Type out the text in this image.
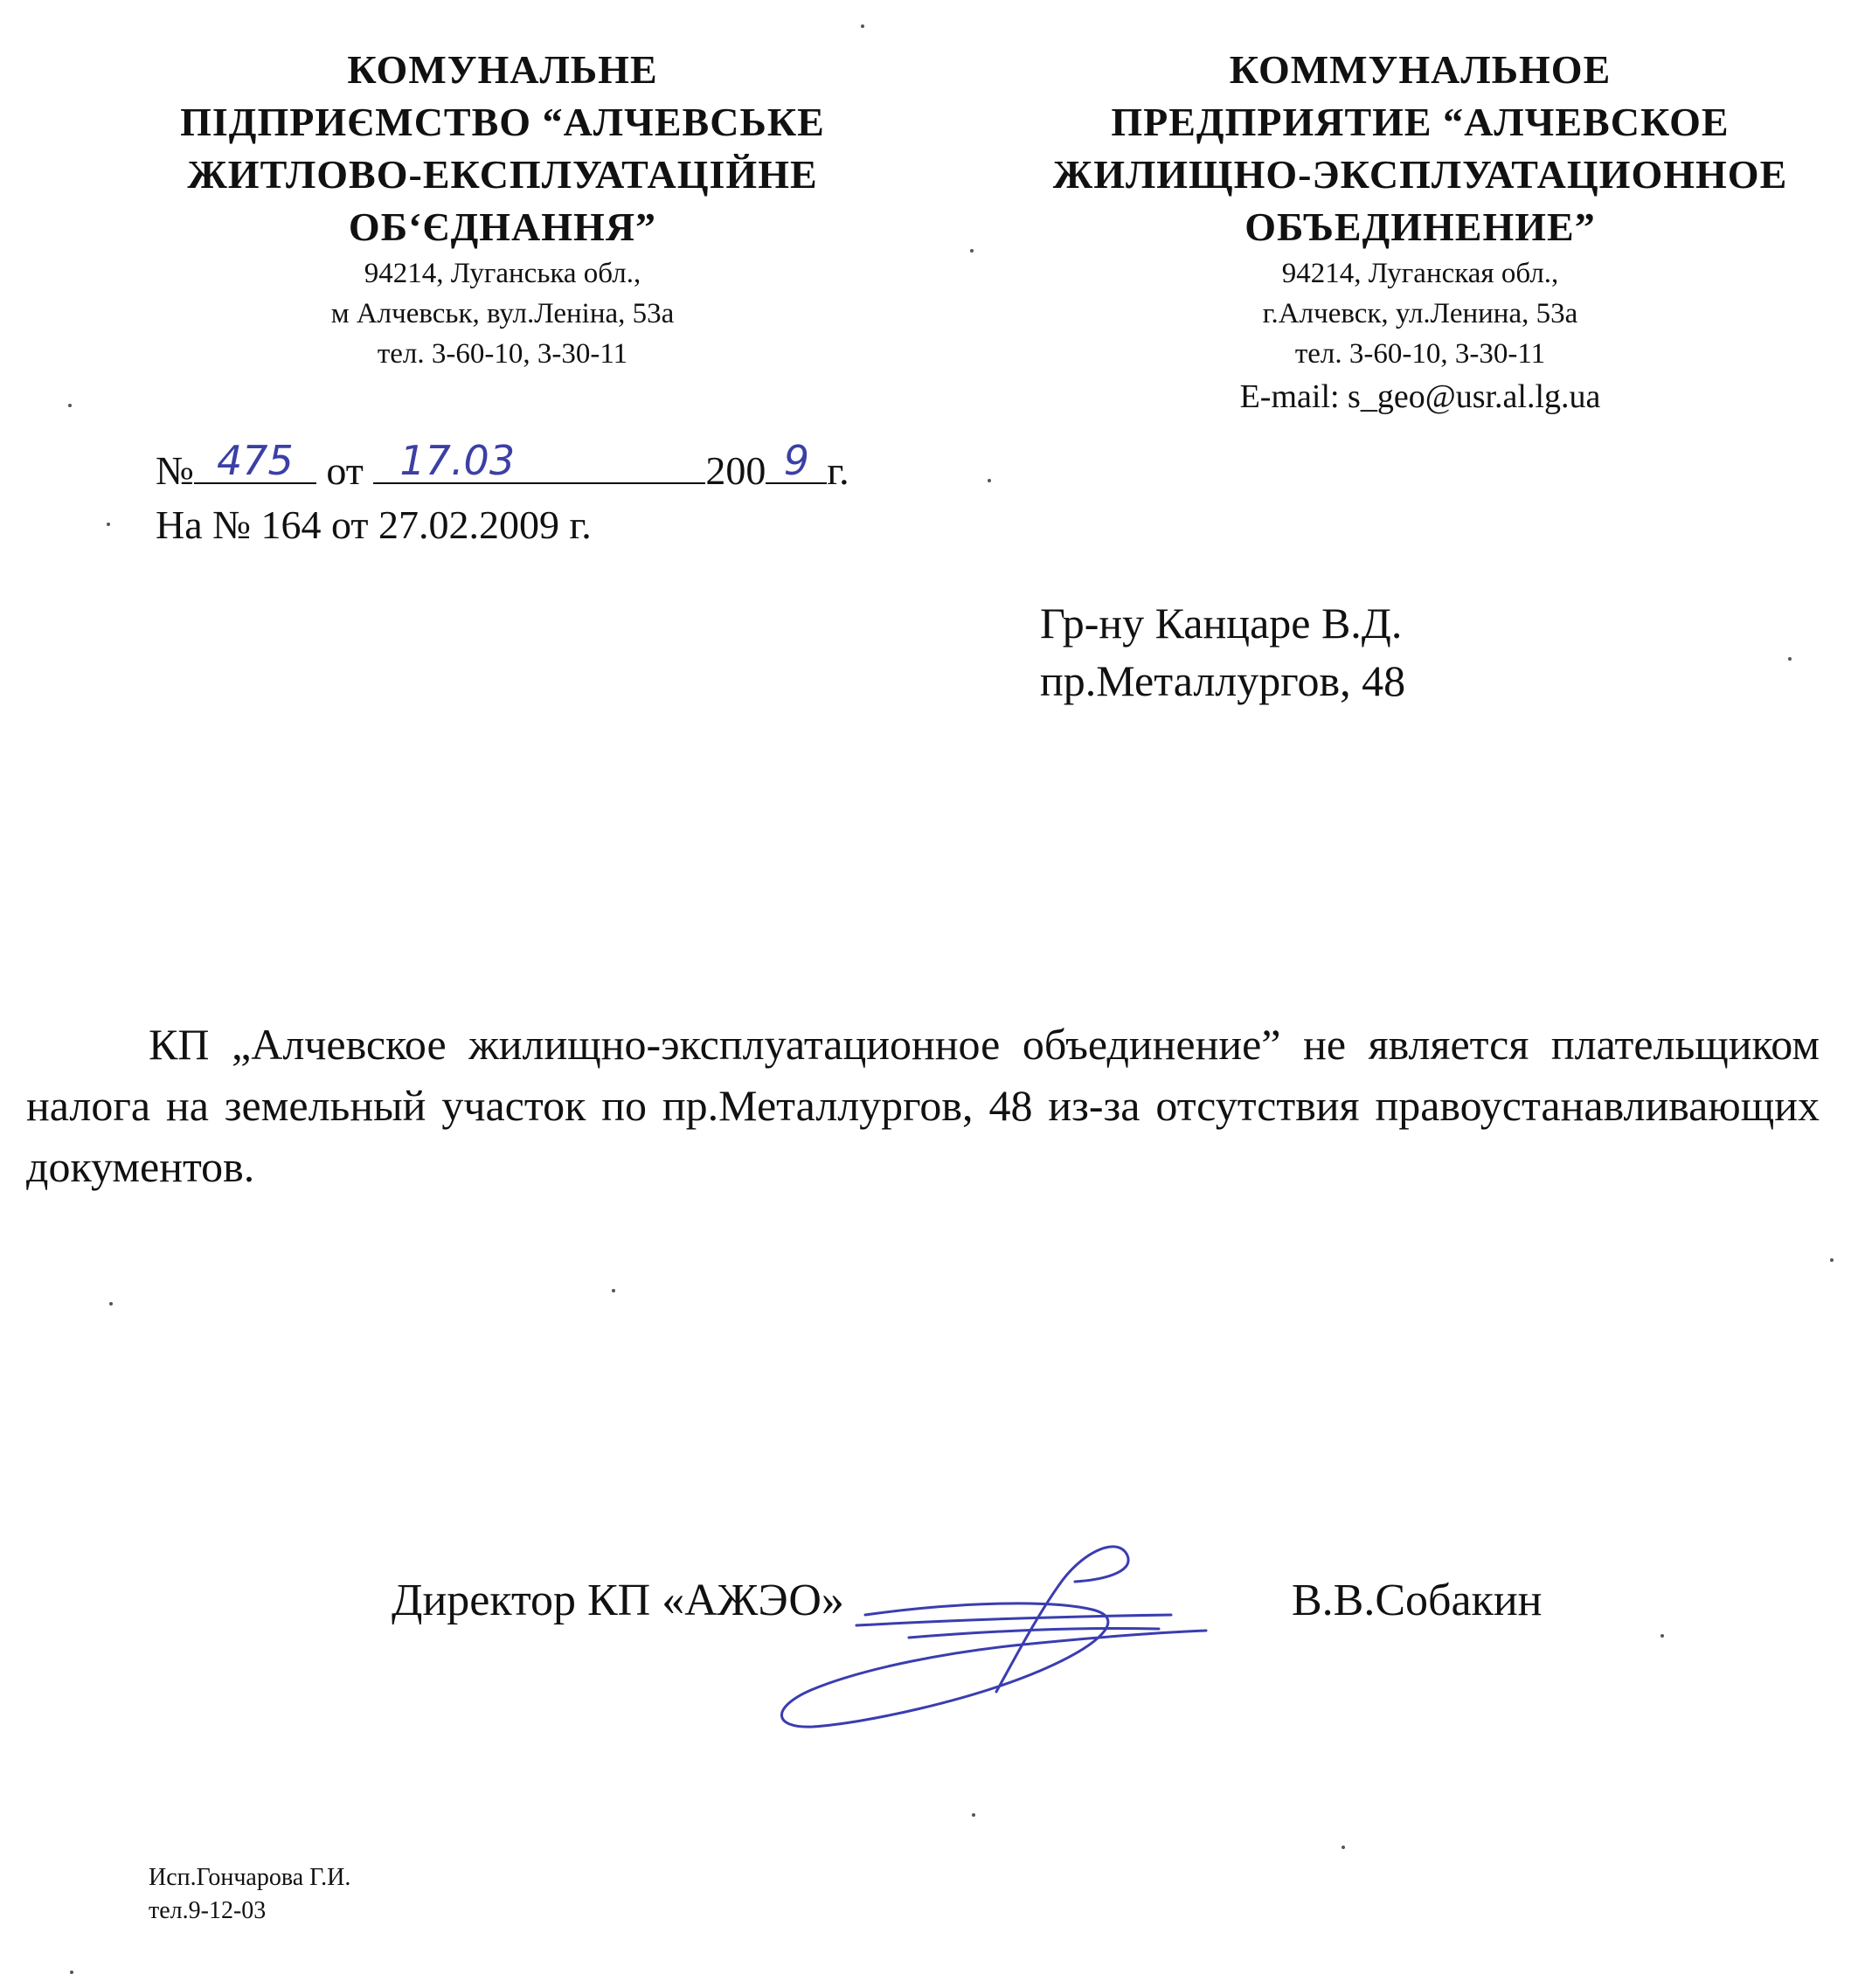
КОМУНАЛЬНЕ
ПІДПРИЄМСТВО “АЛЧЕВСЬКЕ
ЖИТЛОВО-ЕКСПЛУАТАЦІЙНЕ
ОБ‘ЄДНАННЯ”
94214, Луганська обл.,
м Алчевськ, вул.Леніна, 53а
тел. 3-60-10, 3-30-11
КОММУНАЛЬНОЕ
ПРЕДПРИЯТИЕ “АЛЧЕВСКОЕ
ЖИЛИЩНО-ЭКСПЛУАТАЦИОННОЕ
ОБЪЕДИНЕНИЕ”
94214, Луганская обл.,
г.Алчевск, ул.Ленина, 53а
тел. 3-60-10, 3-30-11
E-mail: s_geo@usr.al.lg.ua
№ 475 от 17.03	200 9 г.
На № 164 от 27.02.2009 г.
Гр-ну Канцаре В.Д.
пр.Металлургов, 48
КП „Алчевское жилищно-эксплуатационное объединение” не является плательщиком налога на земельный участок по пр.Металлургов, 48 из-за отсутствия правоустанавливающих документов.
Директор КП «АЖЭО»	В.В.Собакин
Исп.Гончарова Г.И.
тел.9-12-03
